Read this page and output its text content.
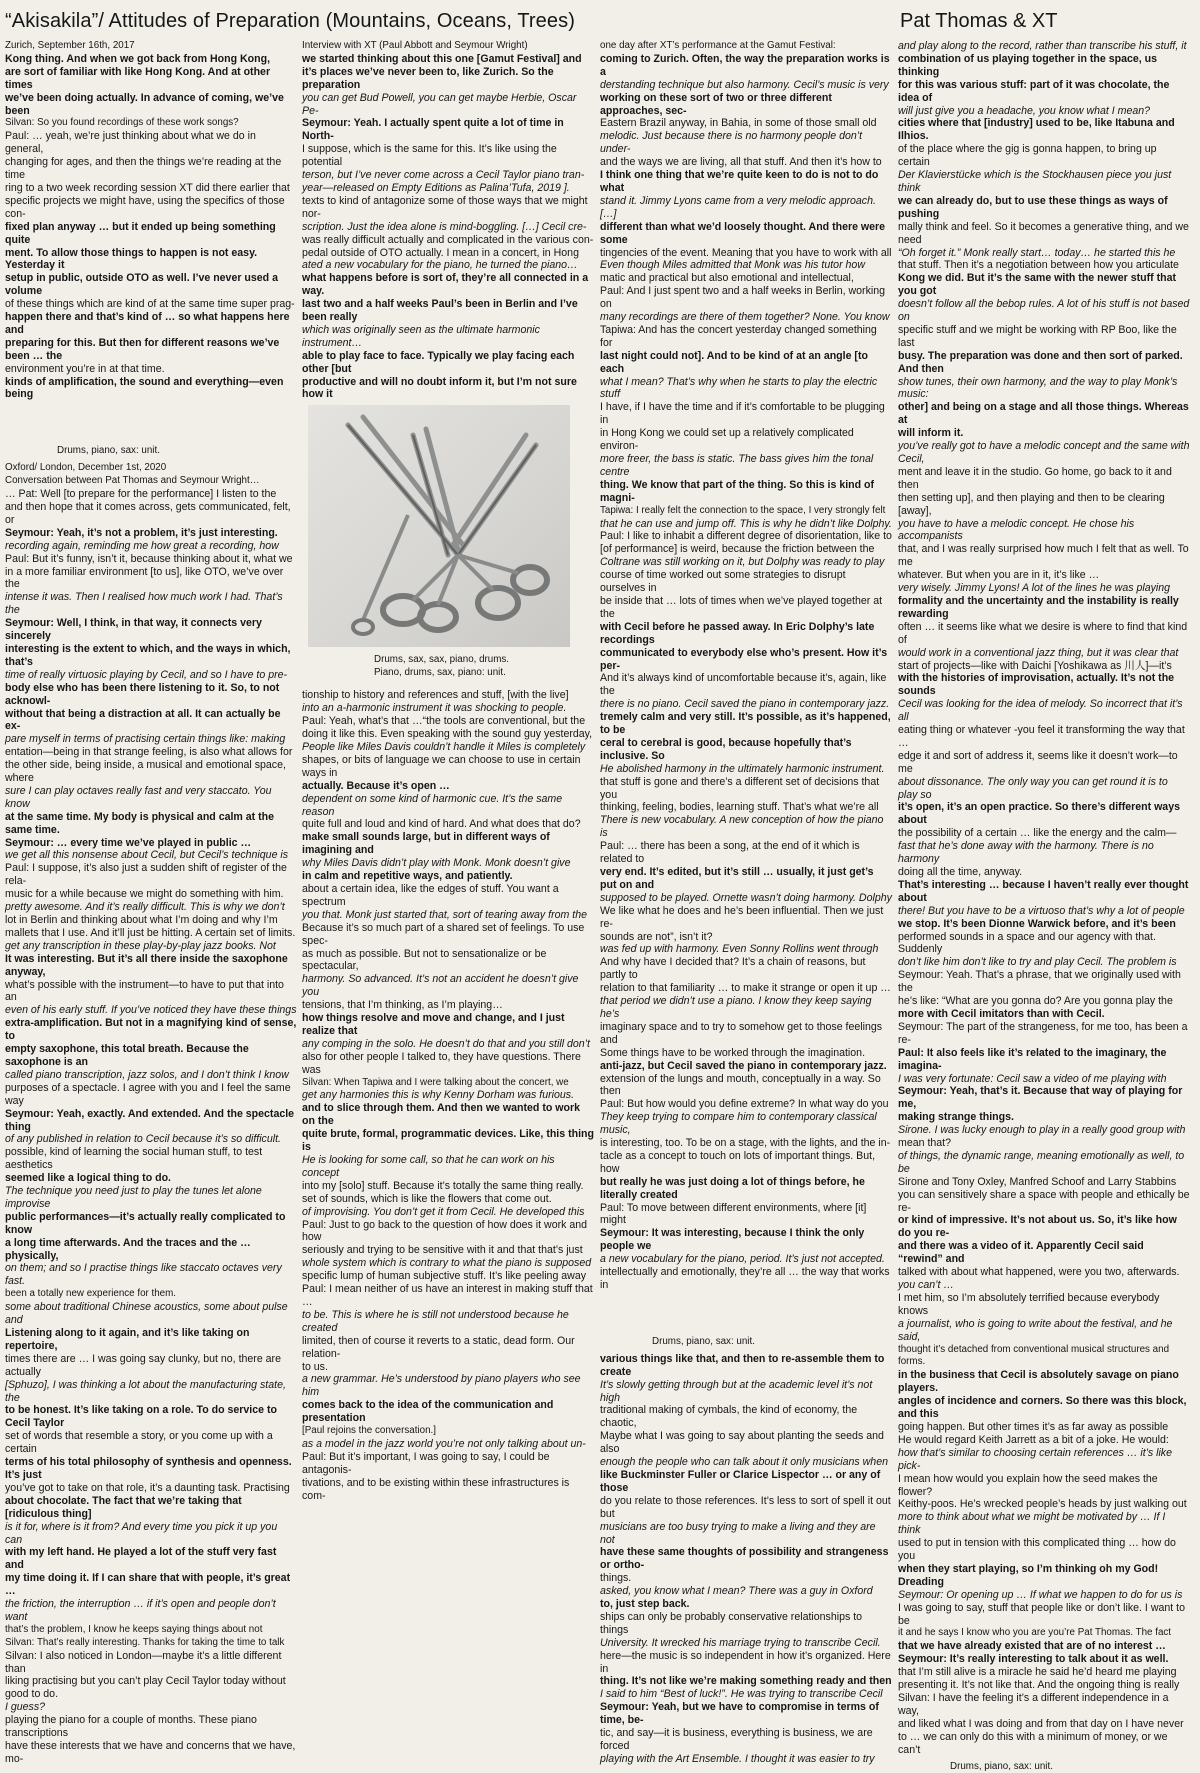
“Akisakila”/ Attitudes of Preparation (Mountains, Oceans, Trees)	Pat Thomas & XT

Zurich, September 16th, 2017

Kong thing. And when we got back from Hong Kong,

are sort of familiar with like Hong Kong. And at other times

we’ve been doing actually. In advance of coming, we’ve been

Silvan: So you found recordings of these work songs?

Paul: … yeah, we’re just thinking about what we do in general,

changing for ages, and then the things we’re reading at the time

ring to a two week recording session XT did there earlier that

specific projects we might have, using the specifics of those con-

fixed plan anyway … but it ended up being something quite

ment. To allow those things to happen is not easy. Yesterday it

setup in public, outside OTO as well. I’ve never used a volume

of these things which are kind of at the same time super prag-

happen there and that’s kind of … so what happens here and

preparing for this. But then for different reasons we’ve been … the

environment you’re in at that time.

kinds of amplification, the sound and everything—even being

Drums, piano, sax: unit.

Oxford/ London, December 1st, 2020

Conversation between Pat Thomas and Seymour Wright…

… Pat: Well [to prepare for the performance] I listen to the

and then hope that it comes across, gets communicated, felt, or

Seymour: Yeah, it’s not a problem, it’s just interesting.

recording again, reminding me how great a recording, how

Paul: But it’s funny, isn’t it, because thinking about it, what we

in a more familiar environment [to us], like OTO, we’ve over the

intense it was. Then I realised how much work I had. That’s the

Seymour: Well, I think, in that way, it connects very sincerely

interesting is the extent to which, and the ways in which, that’s

time of really virtuosic playing by Cecil, and so I have to pre-

body else who has been there listening to it. So, to not acknowl-

without that being a distraction at all. It can actually be ex-

pare myself in terms of practising certain things like: making

entation—being in that strange feeling, is also what allows for

the other side, being inside, a musical and emotional space, where

sure I can play octaves really fast and very staccato. You know

at the same time. My body is physical and calm at the same time.

Seymour: … every time we’ve played in public …

we get all this nonsense about Cecil, but Cecil’s technique is

Paul: I suppose, it’s also just a sudden shift of register of the rela-

music for a while because we might do something with him.

pretty awesome. And it’s really difficult. This is why we don’t

lot in Berlin and thinking about what I’m doing and why I’m

mallets that I use. And it’ll just be hitting. A certain set of limits.

get any transcription in these play-by-play jazz books. Not

It was interesting. But it’s all there inside the saxophone anyway,

what’s possible with the instrument—to have to put that into an

even of his early stuff. If you’ve noticed they have these things

extra-amplification. But not in a magnifying kind of sense, to

empty saxophone, this total breath. Because the saxophone is an

called piano transcription, jazz solos, and I don’t think I know

purposes of a spectacle. I agree with you and I feel the same way

Seymour: Yeah, exactly. And extended. And the spectacle thing

of any published in relation to Cecil because it’s so difficult.

possible, kind of learning the social human stuff, to test aesthetics

seemed like a logical thing to do.

The technique you need just to play the tunes let alone improvise

public performances—it’s actually really complicated to know

a long time afterwards. And the traces and the … physically,

on them; and so I practise things like staccato octaves very fast.

been a totally new experience for them.

some about traditional Chinese acoustics, some about pulse and

Listening along to it again, and it’s like taking on repertoire,

times there are … I was going say clunky, but no, there are actually

[Sphuzo], I was thinking a lot about the manufacturing state, the

to be honest. It’s like taking on a role. To do service to Cecil Taylor

set of words that resemble a story, or you come up with a certain

terms of his total philosophy of synthesis and openness. It’s just

you’ve got to take on that role, it’s a daunting task. Practising

about chocolate. The fact that we’re taking that [ridiculous thing]

is it for, where is it from? And every time you pick it up you can

with my left hand. He played a lot of the stuff very fast and

my time doing it. If I can share that with people, it’s great …

the friction, the interruption … if it’s open and people don’t want

that’s the problem, I know he keeps saying things about not

Silvan: That’s really interesting. Thanks for taking the time to talk

Silvan: I also noticed in London—maybe it’s a little different than

liking practising but you can’t play Cecil Taylor today without

good to do.

I guess?

playing the piano for a couple of months. These piano transcriptions

have these interests that we have and concerns that we have, mo-

Interview with XT (Paul Abbott and Seymour Wright)

we started thinking about this one [Gamut Festival] and

it’s places we’ve never been to, like Zurich. So the preparation

you can get Bud Powell, you can get maybe Herbie, Oscar Pe-

Seymour: Yeah. I actually spent quite a lot of time in North-

I suppose, which is the same for this. It’s like using the potential

terson, but I’ve never come across a Cecil Taylor piano tran-

year—released on Empty Editions as Palina’Tufa, 2019 ].

texts to kind of antagonize some of those ways that we might nor-

scription. Just the idea alone is mind-boggling. […] Cecil cre-

was really difficult actually and complicated in the various con-

pedal outside of OTO actually. I mean in a concert, in Hong

ated a new vocabulary for the piano, he turned the piano…

what happens before is sort of, they’re all connected in a way.

last two and a half weeks Paul’s been in Berlin and I’ve been really

which was originally seen as the ultimate harmonic instrument…

able to play face to face. Typically we play facing each other [but

productive and will no doubt inform it, but I’m not sure how it

Drums, sax, sax, piano, drums.

Piano, drums, sax, piano: unit.

tionship to history and references and stuff, [with the live]

into an a-harmonic instrument it was shocking to people.

Paul: Yeah, what’s that …“the tools are conventional, but the

doing it like this. Even speaking with the sound guy yesterday,

People like Miles Davis couldn’t handle it Miles is completely

shapes, or bits of language we can choose to use in certain ways in

actually. Because it’s open …

dependent on some kind of harmonic cue. It’s the same reason

quite full and loud and kind of hard. And what does that do?

make small sounds large, but in different ways of imagining and

why Miles Davis didn’t play with Monk. Monk doesn’t give

in calm and repetitive ways, and patiently.

about a certain idea, like the edges of stuff. You want a spectrum

you that. Monk just started that, sort of tearing away from the

Because it’s so much part of a shared set of feelings. To use spec-

as much as possible. But not to sensationalize or be spectacular,

harmony. So advanced. It’s not an accident he doesn’t give you

tensions, that I’m thinking, as I’m playing…

how things resolve and move and change, and I just realize that

any comping in the solo. He doesn’t do that and you still don’t

also for other people I talked to, they have questions. There was

Silvan: When Tapiwa and I were talking about the concert, we

get any harmonies this is why Kenny Dorham was furious.

and to slice through them. And then we wanted to work on the

quite brute, formal, programmatic devices. Like, this thing is

He is looking for some call, so that he can work on his concept

into my [solo] stuff. Because it’s totally the same thing really.

set of sounds, which is like the flowers that come out.

of improvising. You don’t get it from Cecil. He developed this

Paul: Just to go back to the question of how does it work and how

seriously and trying to be sensitive with it and that that’s just

whole system which is contrary to what the piano is supposed

specific lump of human subjective stuff. It’s like peeling away

Paul: I mean neither of us have an interest in making stuff that …

to be. This is where he is still not understood because he created

limited, then of course it reverts to a static, dead form. Our relation-

to us.

a new grammar. He’s understood by piano players who see him

comes back to the idea of the communication and presentation

[Paul rejoins the conversation.]

as a model in the jazz world you’re not only talking about un-

Paul: But it’s important, I was going to say, I could be antagonis-

tivations, and to be existing within these infrastructures is com-

one day after XT’s performance at the Gamut Festival:

coming to Zurich. Often, the way the preparation works is a

derstanding technique but also harmony. Cecil’s music is very

working on these sort of two or three different approaches, sec-

Eastern Brazil anyway, in Bahia, in some of those small old

melodic. Just because there is no harmony people don’t under-

and the ways we are living, all that stuff. And then it’s how to

I think one thing that we’re quite keen to do is not to do what

stand it. Jimmy Lyons came from a very melodic approach. […]

different than what we’d loosely thought. And there were some

tingencies of the event. Meaning that you have to work with all

Even though Miles admitted that Monk was his tutor how

matic and practical but also emotional and intellectual,

Paul: And I just spent two and a half weeks in Berlin, working on

many recordings are there of them together? None. You know

Tapiwa: And has the concert yesterday changed something for

last night could not]. And to be kind of at an angle [to each

what I mean? That’s why when he starts to play the electric stuff

I have, if I have the time and if it’s comfortable to be plugging in

in Hong Kong we could set up a relatively complicated environ-

more freer, the bass is static. The bass gives him the tonal centre

thing. We know that part of the thing. So this is kind of magni-

Tapiwa: I really felt the connection to the space, I very strongly felt

that he can use and jump off. This is why he didn’t like Dolphy.

Paul: I like to inhabit a different degree of disorientation, like to

[of performance] is weird, because the friction between the

Coltrane was still working on it, but Dolphy was ready to play

course of time worked out some strategies to disrupt ourselves in

be inside that … lots of times when we’ve played together at the

with Cecil before he passed away. In Eric Dolphy’s late recordings

communicated to everybody else who’s present. How it’s per-

And it’s always kind of uncomfortable because it’s, again, like the

there is no piano. Cecil saved the piano in contemporary jazz.

tremely calm and very still. It’s possible, as it’s happened, to be

ceral to cerebral is good, because hopefully that’s inclusive. So

He abolished harmony in the ultimately harmonic instrument.

that stuff is gone and there’s a different set of decisions that you

thinking, feeling, bodies, learning stuff. That’s what we’re all

There is new vocabulary. A new conception of how the piano is

Paul: … there has been a song, at the end of it which is related to

very end. It’s edited, but it’s still … usually, it just get’s put on and

supposed to be played. Ornette wasn’t doing harmony. Dolphy

We like what he does and he’s been influential. Then we just re-

sounds are not”, isn’t it?

was fed up with harmony. Even Sonny Rollins went through

And why have I decided that? It’s a chain of reasons, but partly to

relation to that familiarity … to make it strange or open it up …

that period we didn’t use a piano. I know they keep saying he’s

imaginary space and to try to somehow get to those feelings and

Some things have to be worked through the imagination.

anti-jazz, but Cecil saved the piano in contemporary jazz.

extension of the lungs and mouth, conceptually in a way. So then

Paul: But how would you define extreme? In what way do you

They keep trying to compare him to contemporary classical music,

is interesting, too. To be on a stage, with the lights, and the in-

tacle as a concept to touch on lots of important things. But, how

but really he was just doing a lot of things before, he literally created

Paul: To move between different environments, where [it] might

Seymour: It was interesting, because I think the only people we

a new vocabulary for the piano, period. It’s just not accepted.

intellectually and emotionally, they’re all … the way that works in

Drums, piano, sax: unit.

various things like that, and then to re-assemble them to create

It’s slowly getting through but at the academic level it’s not high

traditional making of cymbals, the kind of economy, the chaotic,

Maybe what I was going to say about planting the seeds and also

enough the people who can talk about it only musicians when

like Buckminster Fuller or Clarice Lispector … or any of those

do you relate to those references. It’s less to sort of spell it out but

musicians are too busy trying to make a living and they are not

have these same thoughts of possibility and strangeness or ortho-

things.

asked, you know what I mean? There was a guy in Oxford

to, just step back.

ships can only be probably conservative relationships to things

University. It wrecked his marriage trying to transcribe Cecil.

here—the music is so independent in how it’s organized. Here in

thing. It’s not like we’re making something ready and then

I said to him “Best of luck!”. He was trying to transcribe Cecil

Seymour: Yeah, but we have to compromise in terms of time, be-

tic, and say—it is business, everything is business, we are forced

playing with the Art Ensemble. I thought it was easier to try

and play along to the record, rather than transcribe his stuff, it

combination of us playing together in the space, us thinking

for this was various stuff: part of it was chocolate, the idea of

will just give you a headache, you know what I mean?

cities where that [industry] used to be, like Itabuna and Ilhios.

of the place where the gig is gonna happen, to bring up certain

Der Klavierstücke which is the Stockhausen piece you just think

we can already do, but to use these things as ways of pushing

mally think and feel. So it becomes a generative thing, and we need

“Oh forget it.” Monk really start… today… he started this he

that stuff. Then it’s a negotiation between how you articulate

Kong we did. But it’s the same with the newer stuff that you got

doesn’t follow all the bebop rules. A lot of his stuff is not based on

specific stuff and we might be working with RP Boo, like the last

busy. The preparation was done and then sort of parked. And then

show tunes, their own harmony, and the way to play Monk’s music:

other] and being on a stage and all those things. Whereas at

will inform it.

you’ve really got to have a melodic concept and the same with Cecil,

ment and leave it in the studio. Go home, go back to it and then

then setting up], and then playing and then to be clearing [away],

you have to have a melodic concept. He chose his accompanists

that, and I was really surprised how much I felt that as well. To me

whatever. But when you are in it, it’s like …

very wisely. Jimmy Lyons! A lot of the lines he was playing

formality and the uncertainty and the instability is really rewarding

often … it seems like what we desire is where to find that kind of

would work in a conventional jazz thing, but it was clear that

start of projects—like with Daichi [Yoshikawa as 川人]—it’s

with the histories of improvisation, actually. It’s not the sounds

Cecil was looking for the idea of melody. So incorrect that it’s all

eating thing or whatever -you feel it transforming the way that …

edge it and sort of address it, seems like it doesn’t work—to me

about dissonance. The only way you can get round it is to play so

it’s open, it’s an open practice. So there’s different ways about

the possibility of a certain … like the energy and the calm—

fast that he’s done away with the harmony. There is no harmony

doing all the time, anyway.

That’s interesting … because I haven’t really ever thought about

there! But you have to be a virtuoso that’s why a lot of people

we stop. It’s been Dionne Warwick before, and it’s been

performed sounds in a space and our agency with that. Suddenly

don’t like him don’t like to try and play Cecil. The problem is

Seymour: Yeah. That’s a phrase, that we originally used with the

he’s like: “What are you gonna do? Are you gonna play the

more with Cecil imitators than with Cecil.

Seymour: The part of the strangeness, for me too, has been a re-

Paul: It also feels like it’s related to the imaginary, the imagina-

I was very fortunate: Cecil saw a video of me playing with

Seymour: Yeah, that’s it. Because that way of playing for me,

making strange things.

Sirone. I was lucky enough to play in a really good group with

mean that?

of things, the dynamic range, meaning emotionally as well, to be

Sirone and Tony Oxley, Manfred Schoof and Larry Stabbins

you can sensitively share a space with people and ethically be re-

or kind of impressive. It’s not about us. So, it’s like how do you re-

and there was a video of it. Apparently Cecil said “rewind” and

talked with about what happened, were you two, afterwards.

you can’t …

I met him, so I’m absolutely terrified because everybody knows

a journalist, who is going to write about the festival, and he said,

thought it’s detached from conventional musical structures and forms.

in the business that Cecil is absolutely savage on piano players.

angles of incidence and corners. So there was this block, and this

going happen. But other times it’s as far away as possible

He would regard Keith Jarrett as a bit of a joke. He would:

how that’s similar to choosing certain references … it’s like pick-

I mean how would you explain how the seed makes the flower?

Keithy-poos. He’s wrecked people’s heads by just walking out

more to think about what we might be motivated by … If I think

used to put in tension with this complicated thing … how do you

when they start playing, so I’m thinking oh my God! Dreading

Seymour: Or opening up … If what we happen to do for us is

I was going to say, stuff that people like or don’t like. I want to be

it and he says I know who you are you’re Pat Thomas. The fact

that we have already existed that are of no interest …

Seymour: It’s really interesting to talk about it as well.

that I’m still alive is a miracle he said he’d heard me playing

presenting it. It’s not like that. And the ongoing thing is really

Silvan: I have the feeling it’s a different independence in a way,

and liked what I was doing and from that day on I have never

to … we can only do this with a minimum of money, or we can’t

Drums, piano, sax: unit.
